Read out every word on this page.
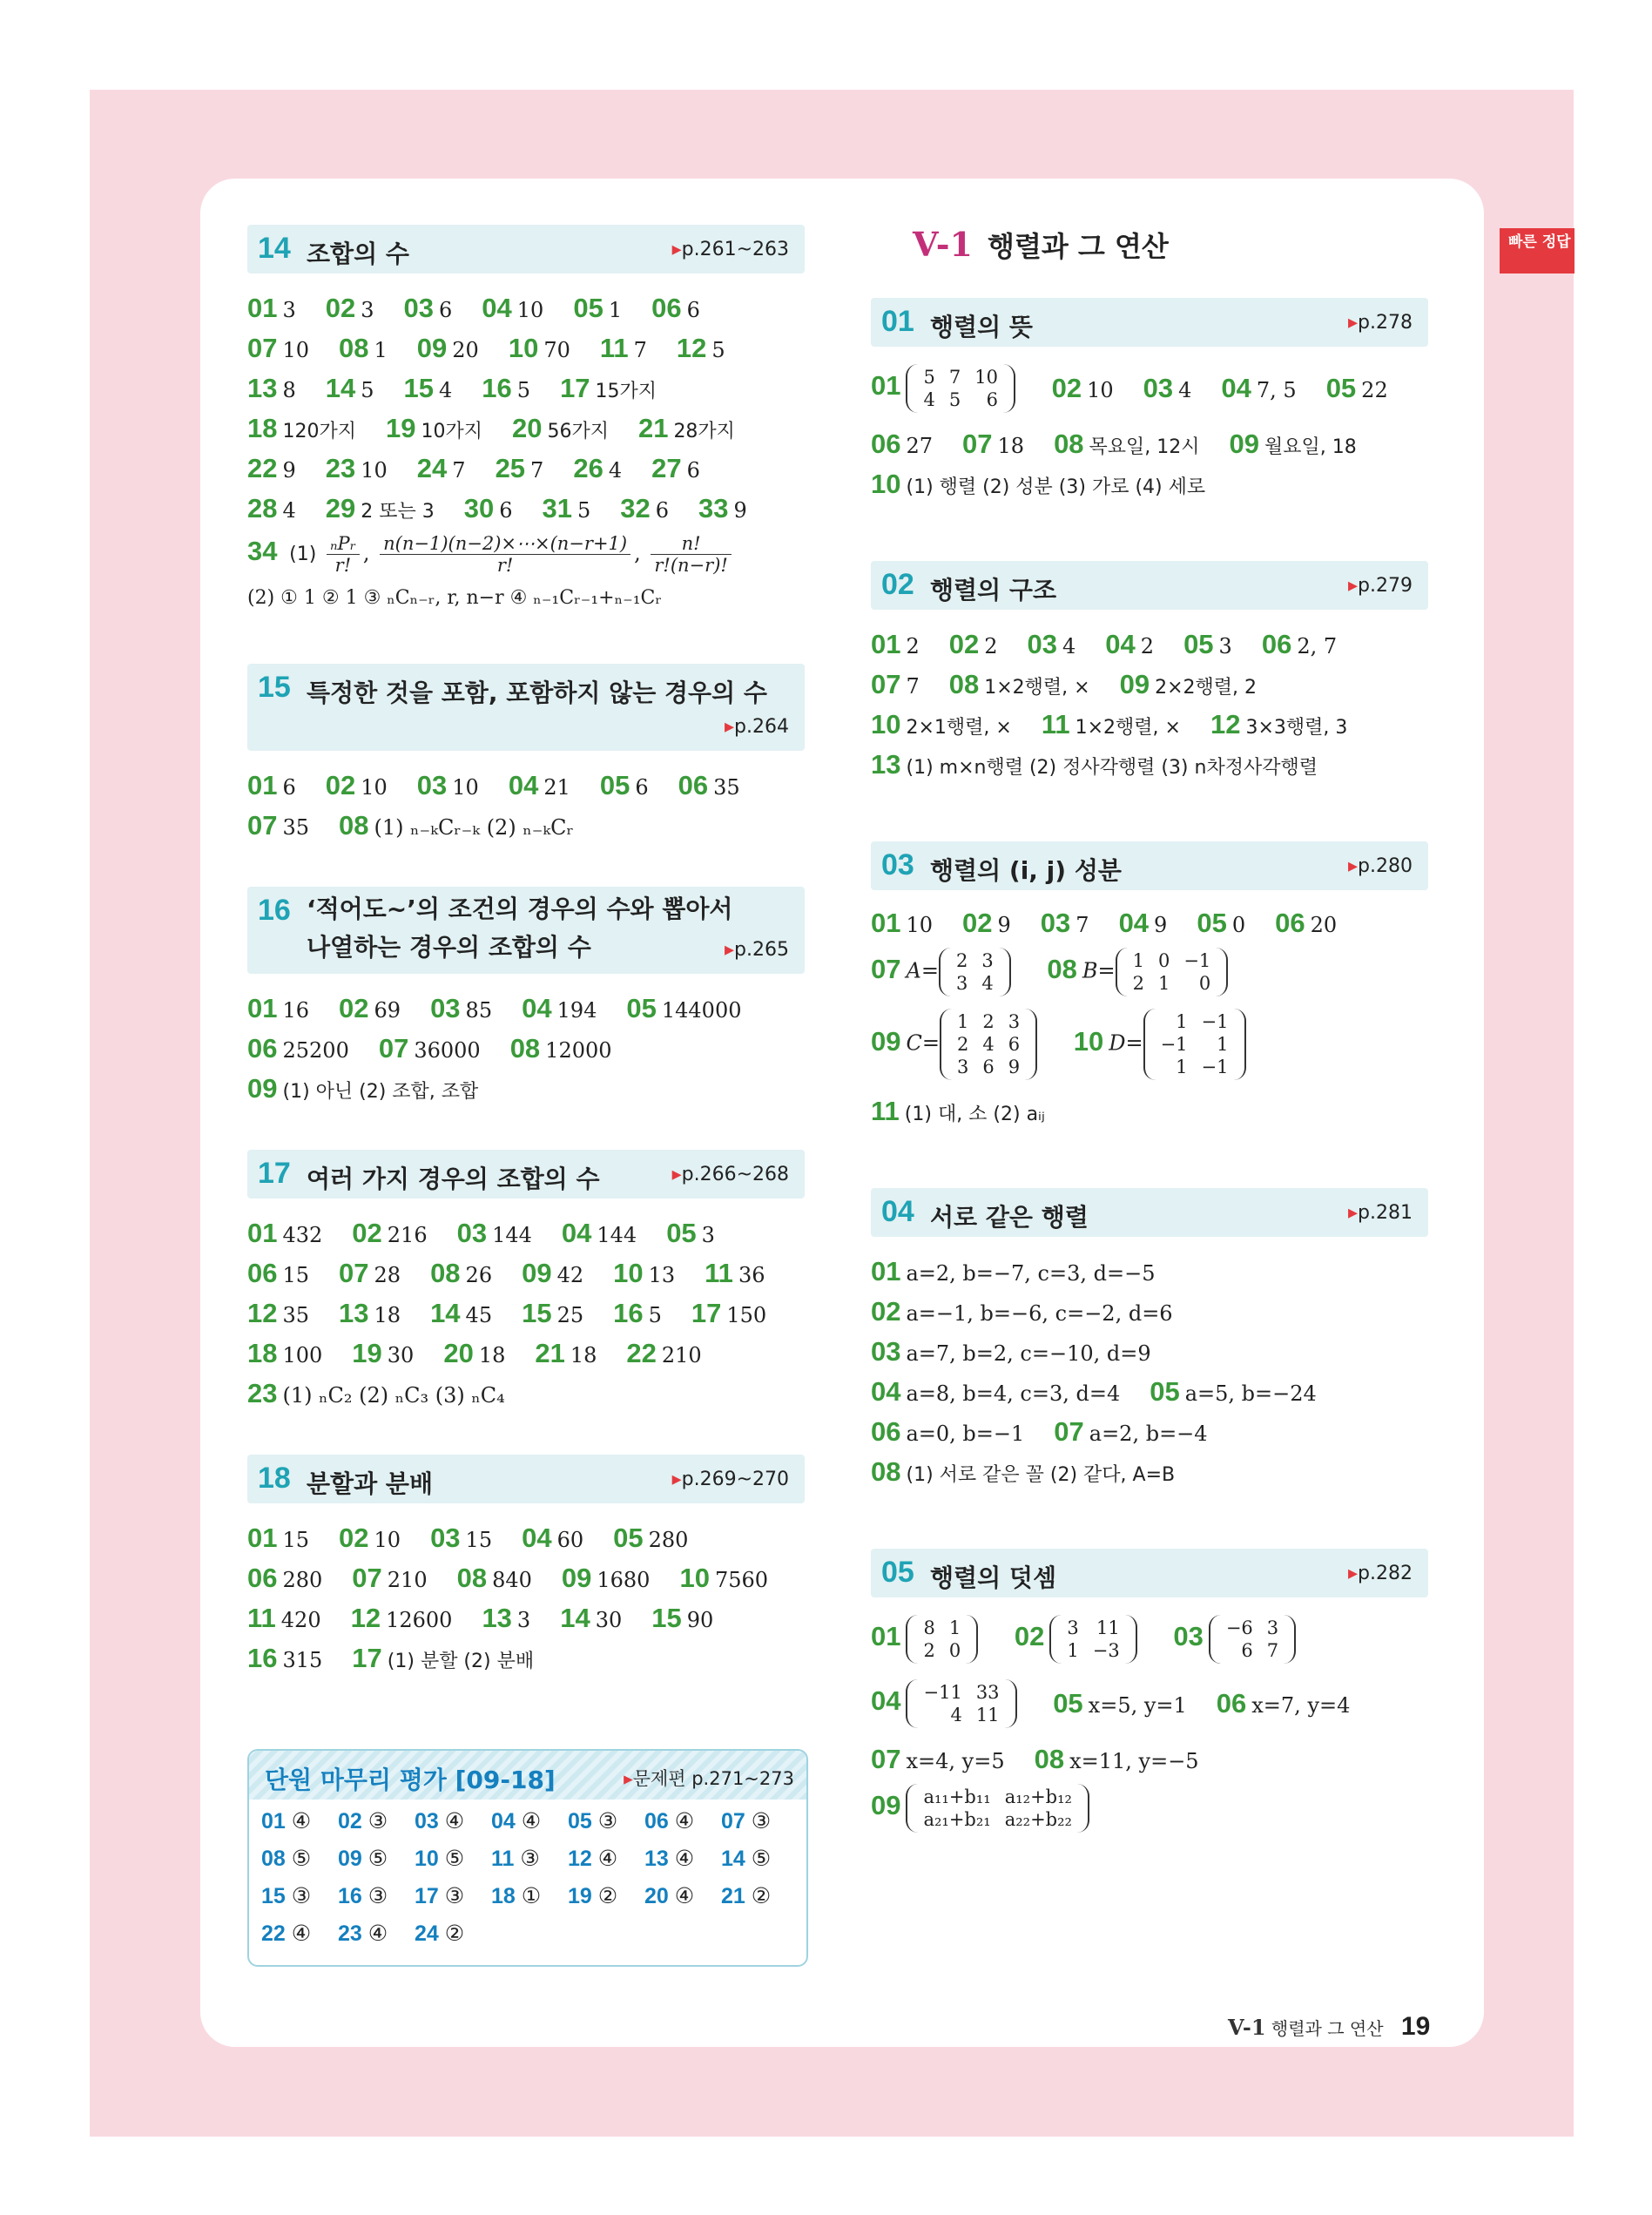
빠른 정답
14 조합의 수	▸ p.261~263
01 3 02 3 03 6 04 10 05 1 06 6
07 10 08 1 09 20 10 70 11 7 12 5
13 8 14 5 15 4 16 5 17 15가지
18 120가지 19 10가지 20 56가지 21 28가지
22 9 23 10 24 7 25 7 26 4 27 6
28 4 29 2 또는 3 30 6 31 5 32 6 33 9
34 $(1) \frac{\text{ₙPᵣ}}{r!}$ , $\frac{n(n-1)(n-2)\times\cdots\times(n-r+1)}{r!}$ , $\frac{n!}{r!(n-r)!}$
(2) ① 1 ② 1 ③ ₙCₙ₋ᵣ, r, n−r ④ ₙ₋₁Cᵣ₋₁+ₙ₋₁Cᵣ
15 특정한 것을 포함, 포함하지 않는 경우의 수
▸ p.264
01 6 02 10 03 10 04 21 05 6 06 35
07 35 08 (1) ₙ₋ₖCᵣ₋ₖ (2) ₙ₋ₖCᵣ
16 ‘적어도~’의 조건의 경우의 수와 뽑아서
나열하는 경우의 조합의 수	▸ p.265
01 16 02 69 03 85 04 194 05 144000
06 25200 07 36000 08 12000
09 (1) 아닌 (2) 조합, 조합
17 여러 가지 경우의 조합의 수	▸ p.266~268
01 432 02 216 03 144 04 144 05 3
06 15 07 28 08 26 09 42 10 13 11 36
12 35 13 18 14 45 15 25 16 5 17 150
18 100 19 30 20 18 21 18 22 210
23 (1) ₙC₂ (2) ₙC₃ (3) ₙC₄
18 분할과 분배	▸ p.269~270
01 15 02 10 03 15 04 60 05 280
06 280 07 210 08 840 09 1680 10 7560
11 420 12 12600 13 3 14 30 15 90
16 315 17 (1) 분할 (2) 분배
단원 마무리 평가 [09-18]	▸ 문제편 p.271~273
01 ④ 02 ③ 03 ④ 04 ④ 05 ③ 06 ④ 07 ③
08 ⑤ 09 ⑤ 10 ⑤ 11 ③ 12 ④ 13 ④ 14 ⑤
15 ③ 16 ③ 17 ③ 18 ① 19 ② 20 ④ 21 ②
22 ④ 23 ④ 24 ②
V-1 행렬과 그 연산
01 행렬의 뜻	▸ p.278
01 5	7	10
4	5	6 02 10 03 4 04 7, 5 05 22
06 27 07 18 08 목요일, 12시 09 월요일, 18
10 (1) 행렬 (2) 성분 (3) 가로 (4) 세로
02 행렬의 구조	▸ p.279
01 2 02 2 03 4 04 2 05 3 06 2, 7
07 7 08 1×2행렬, × 09 2×2행렬, 2
10 2×1행렬, × 11 1×2행렬, × 12 3×3행렬, 3
13 (1) m×n행렬 (2) 정사각행렬 (3) n차정사각행렬
03 행렬의 (i, j) 성분	▸ p.280
01 10 02 9 03 7 04 9 05 0 06 20
07 A= 2	3
3	4 08 B= 1	0	−1
2	1	0
09 C=
1	2	3
2	4	6
3	6	9
10 D=
1	−1
−1	1
1	−1
11 (1) 대, 소 (2) aᵢⱼ
04 서로 같은 행렬	▸ p.281
01 a=2, b=−7, c=3, d=−5
02 a=−1, b=−6, c=−2, d=6
03 a=7, b=2, c=−10, d=9
04 a=8, b=4, c=3, d=4 05 a=5, b=−24
06 a=0, b=−1 07 a=2, b=−4
08 (1) 서로 같은 꼴 (2) 같다, A=B
05 행렬의 덧셈	▸ p.282
01 8	1
2	0 02 3	11
1	−3 03 −6	3
6	7
04 −11	33
4	11 05 x=5, y=1 06 x=7, y=4
07 x=4, y=5 08 x=11, y=−5
09 a₁₁+b₁₁	a₁₂+b₁₂
a₂₁+b₂₁	a₂₂+b₂₂
V-1 행렬과 그 연산 19
